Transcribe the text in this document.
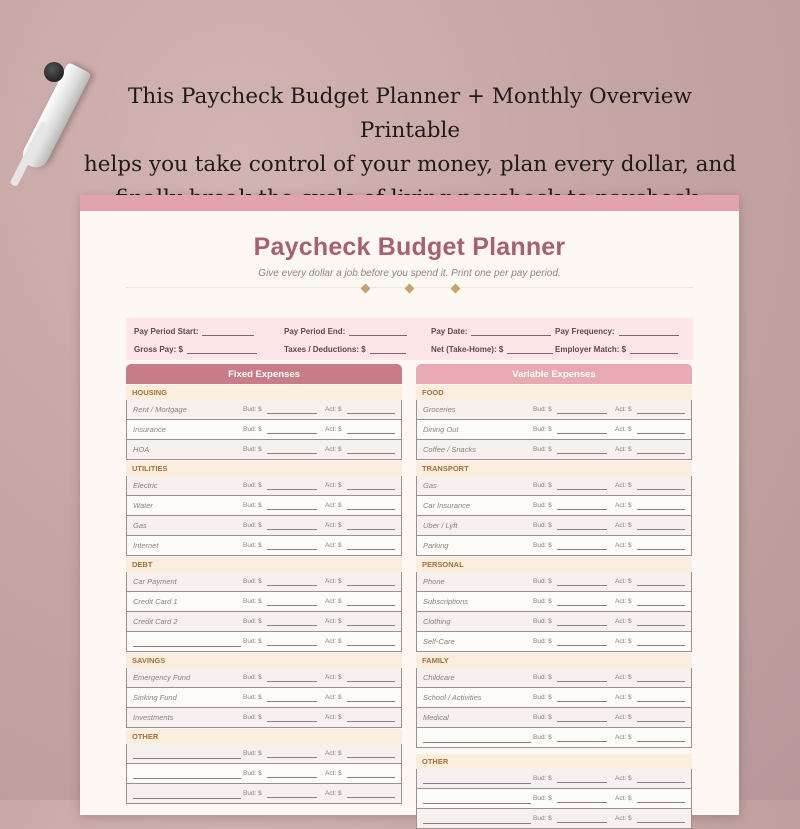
This Paycheck Budget Planner + Monthly Overview Printable
helps you take control of your money, plan every dollar, and
Paycheck Budget Planner
Give every dollar a job before you spend it. Print one per pay period.
Pay Period Start:	Pay Period End:	Pay Date:	Pay Frequency:
Gross Pay: $	Taxes / Deductions: $	Net (Take-Home): $	Employer Match: $
Fixed Expenses
HOUSING
Rent / Mortgage	Bud: $	Act: $
Insurance	Bud: $	Act: $
HOA	Bud: $	Act: $
UTILITIES
Electric	Bud: $	Act: $
Water	Bud: $	Act: $
Gas	Bud: $	Act: $
Internet	Bud: $	Act: $
DEBT
Car Payment	Bud: $	Act: $
Credit Card 1	Bud: $	Act: $
Credit Card 2	Bud: $	Act: $
Bud: $	Act: $
SAVINGS
Emergency Fund	Bud: $	Act: $
Sinking Fund	Bud: $	Act: $
Investments	Bud: $	Act: $
OTHER
Bud: $	Act: $
Bud: $	Act: $
Bud: $	Act: $
Variable Expenses
FOOD
Groceries	Bud: $	Act: $
Dining Out	Bud: $	Act: $
Coffee / Snacks	Bud: $	Act: $
TRANSPORT
Gas	Bud: $	Act: $
Car Insurance	Bud: $	Act: $
Uber / Lyft	Bud: $	Act: $
Parking	Bud: $	Act: $
PERSONAL
Phone	Bud: $	Act: $
Subscriptions	Bud: $	Act: $
Clothing	Bud: $	Act: $
Self-Care	Bud: $	Act: $
FAMILY
Childcare	Bud: $	Act: $
School / Activities	Bud: $	Act: $
Medical	Bud: $	Act: $
Bud: $	Act: $
OTHER
Bud: $	Act: $
Bud: $	Act: $
Bud: $	Act: $
